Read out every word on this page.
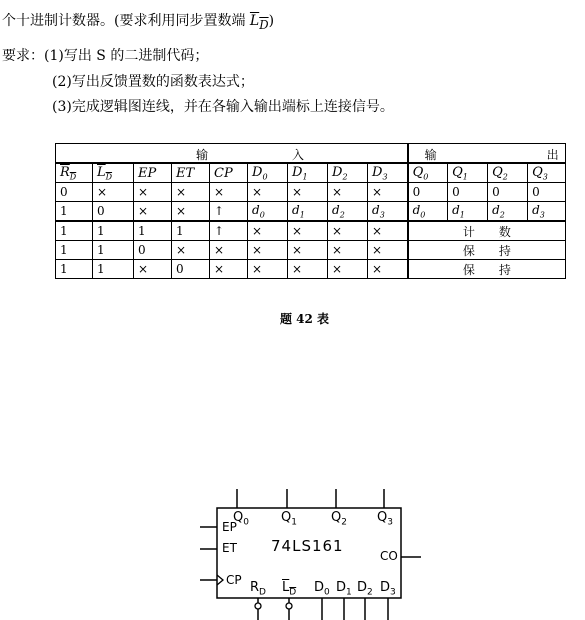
个十进制计数器。(要求利用同步置数端 $L_D$)
要求：(1)写出 S 的二进制代码；
(2)写出反馈置数的函数表达式；
(3)完成逻辑图连线，并在各输入输出端标上连接信号。
输 入									输 出			

$R_D$	$L_D$	EP	ET	CP	$D_0$	$D_1$	$D_2$	$D_3$	$Q_0$	$Q_1$	$Q_2$	$Q_3$
0	×	×	×	×	×	×	×	×	0	0	0	0
1	0	×	×	↑	$d_0$	$d_1$	$d_2$	$d_3$	$d_0$	$d_1$	$d_2$	$d_3$
1	1	1	1	↑	×	×	×	×	计　　数			
1	1	0	×	×	×	×	×	×	保　　持			
1	1	×	0	×	×	×	×	×	保　　持			
题 42 表
$Q_0$ $Q_1$	$Q_2$ $Q_3$
EP
ET
CP
74LS161
CO
$R_D$ $L_D$ $D_0$ $D_1$ $D_2$ $D_3$
